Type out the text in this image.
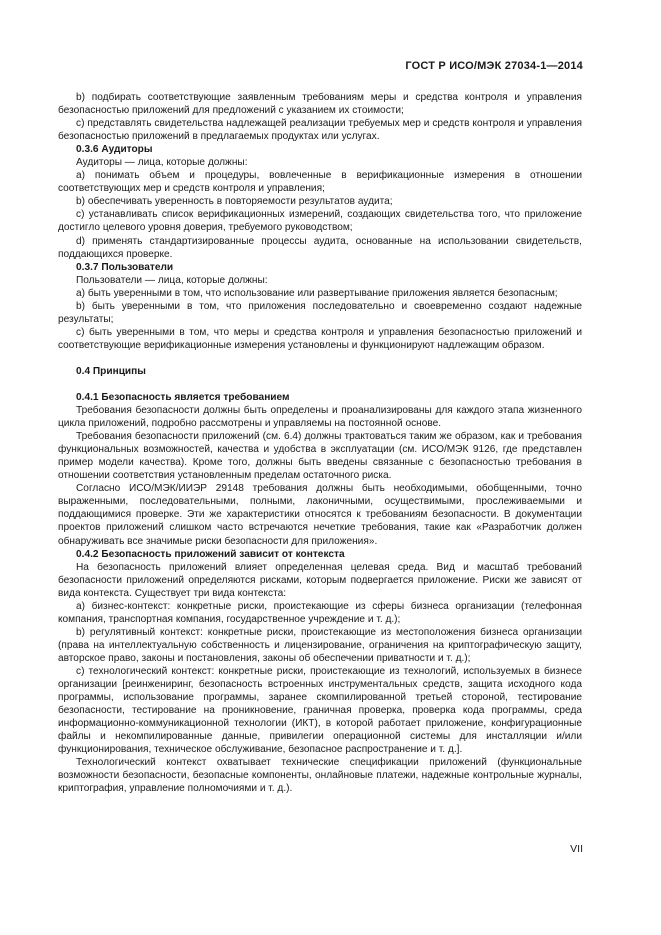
ГОСТ Р ИСО/МЭК 27034-1—2014

b) подбирать соответствующие заявленным требованиям меры и средства контроля и управления безопасностью приложений для предложений с указанием их стоимости;

c) представлять свидетельства надлежащей реализации требуемых мер и средств контроля и управления безопасностью приложений в предлагаемых продуктах или услугах.

0.3.6 Аудиторы

Аудиторы — лица, которые должны:

a) понимать объем и процедуры, вовлеченные в верификационные измерения в отношении соответствующих мер и средств контроля и управления;

b) обеспечивать уверенность в повторяемости результатов аудита;

c) устанавливать список верификационных измерений, создающих свидетельства того, что приложение достигло целевого уровня доверия, требуемого руководством;

d) применять стандартизированные процессы аудита, основанные на использовании свидетельств, поддающихся проверке.

0.3.7 Пользователи

Пользователи — лица, которые должны:

a) быть уверенными в том, что использование или развертывание приложения является безопасным;

b) быть уверенными в том, что приложения последовательно и своевременно создают надежные результаты;

c) быть уверенными в том, что меры и средства контроля и управления безопасностью приложений и соответствующие верификационные измерения установлены и функционируют надлежащим образом.

0.4 Принципы

0.4.1 Безопасность является требованием

Требования безопасности должны быть определены и проанализированы для каждого этапа жизненного цикла приложений, подробно рассмотрены и управляемы на постоянной основе.

Требования безопасности приложений (см. 6.4) должны трактоваться таким же образом, как и требования функциональных возможностей, качества и удобства в эксплуатации (см. ИСО/МЭК 9126, где представлен пример модели качества). Кроме того, должны быть введены связанные с безопасностью требования в отношении соответствия установленным пределам остаточного риска.

Согласно ИСО/МЭК/ИИЭР 29148 требования должны быть необходимыми, обобщенными, точно выраженными, последовательными, полными, лаконичными, осуществимыми, прослеживаемыми и поддающимися проверке. Эти же характеристики относятся к требованиям безопасности. В документации проектов приложений слишком часто встречаются нечеткие требования, такие как «Разработчик должен обнаруживать все значимые риски безопасности для приложения».

0.4.2 Безопасность приложений зависит от контекста

На безопасность приложений влияет определенная целевая среда. Вид и масштаб требований безопасности приложений определяются рисками, которым подвергается приложение. Риски же зависят от вида контекста. Существует три вида контекста:

a) бизнес-контекст: конкретные риски, проистекающие из сферы бизнеса организации (телефонная компания, транспортная компания, государственное учреждение и т. д.);

b) регулятивный контекст: конкретные риски, проистекающие из местоположения бизнеса организации (права на интеллектуальную собственность и лицензирование, ограничения на криптографическую защиту, авторское право, законы и постановления, законы об обеспечении приватности и т. д.);

c) технологический контекст: конкретные риски, проистекающие из технологий, используемых в бизнесе организации [реинжениринг, безопасность встроенных инструментальных средств, защита исходного кода программы, использование программы, заранее скомпилированной третьей стороной, тестирование безопасности, тестирование на проникновение, граничная проверка, проверка кода программы, среда информационно-коммуникационной технологии (ИКТ), в которой работает приложение, конфигурационные файлы и некомпилированные данные, привилегии операционной системы для инсталляции и/или функционирования, техническое обслуживание, безопасное распространение и т. д.].

Технологический контекст охватывает технические спецификации приложений (функциональные возможности безопасности, безопасные компоненты, онлайновые платежи, надежные контрольные журналы, криптография, управление полномочиями и т. д.).

VII
